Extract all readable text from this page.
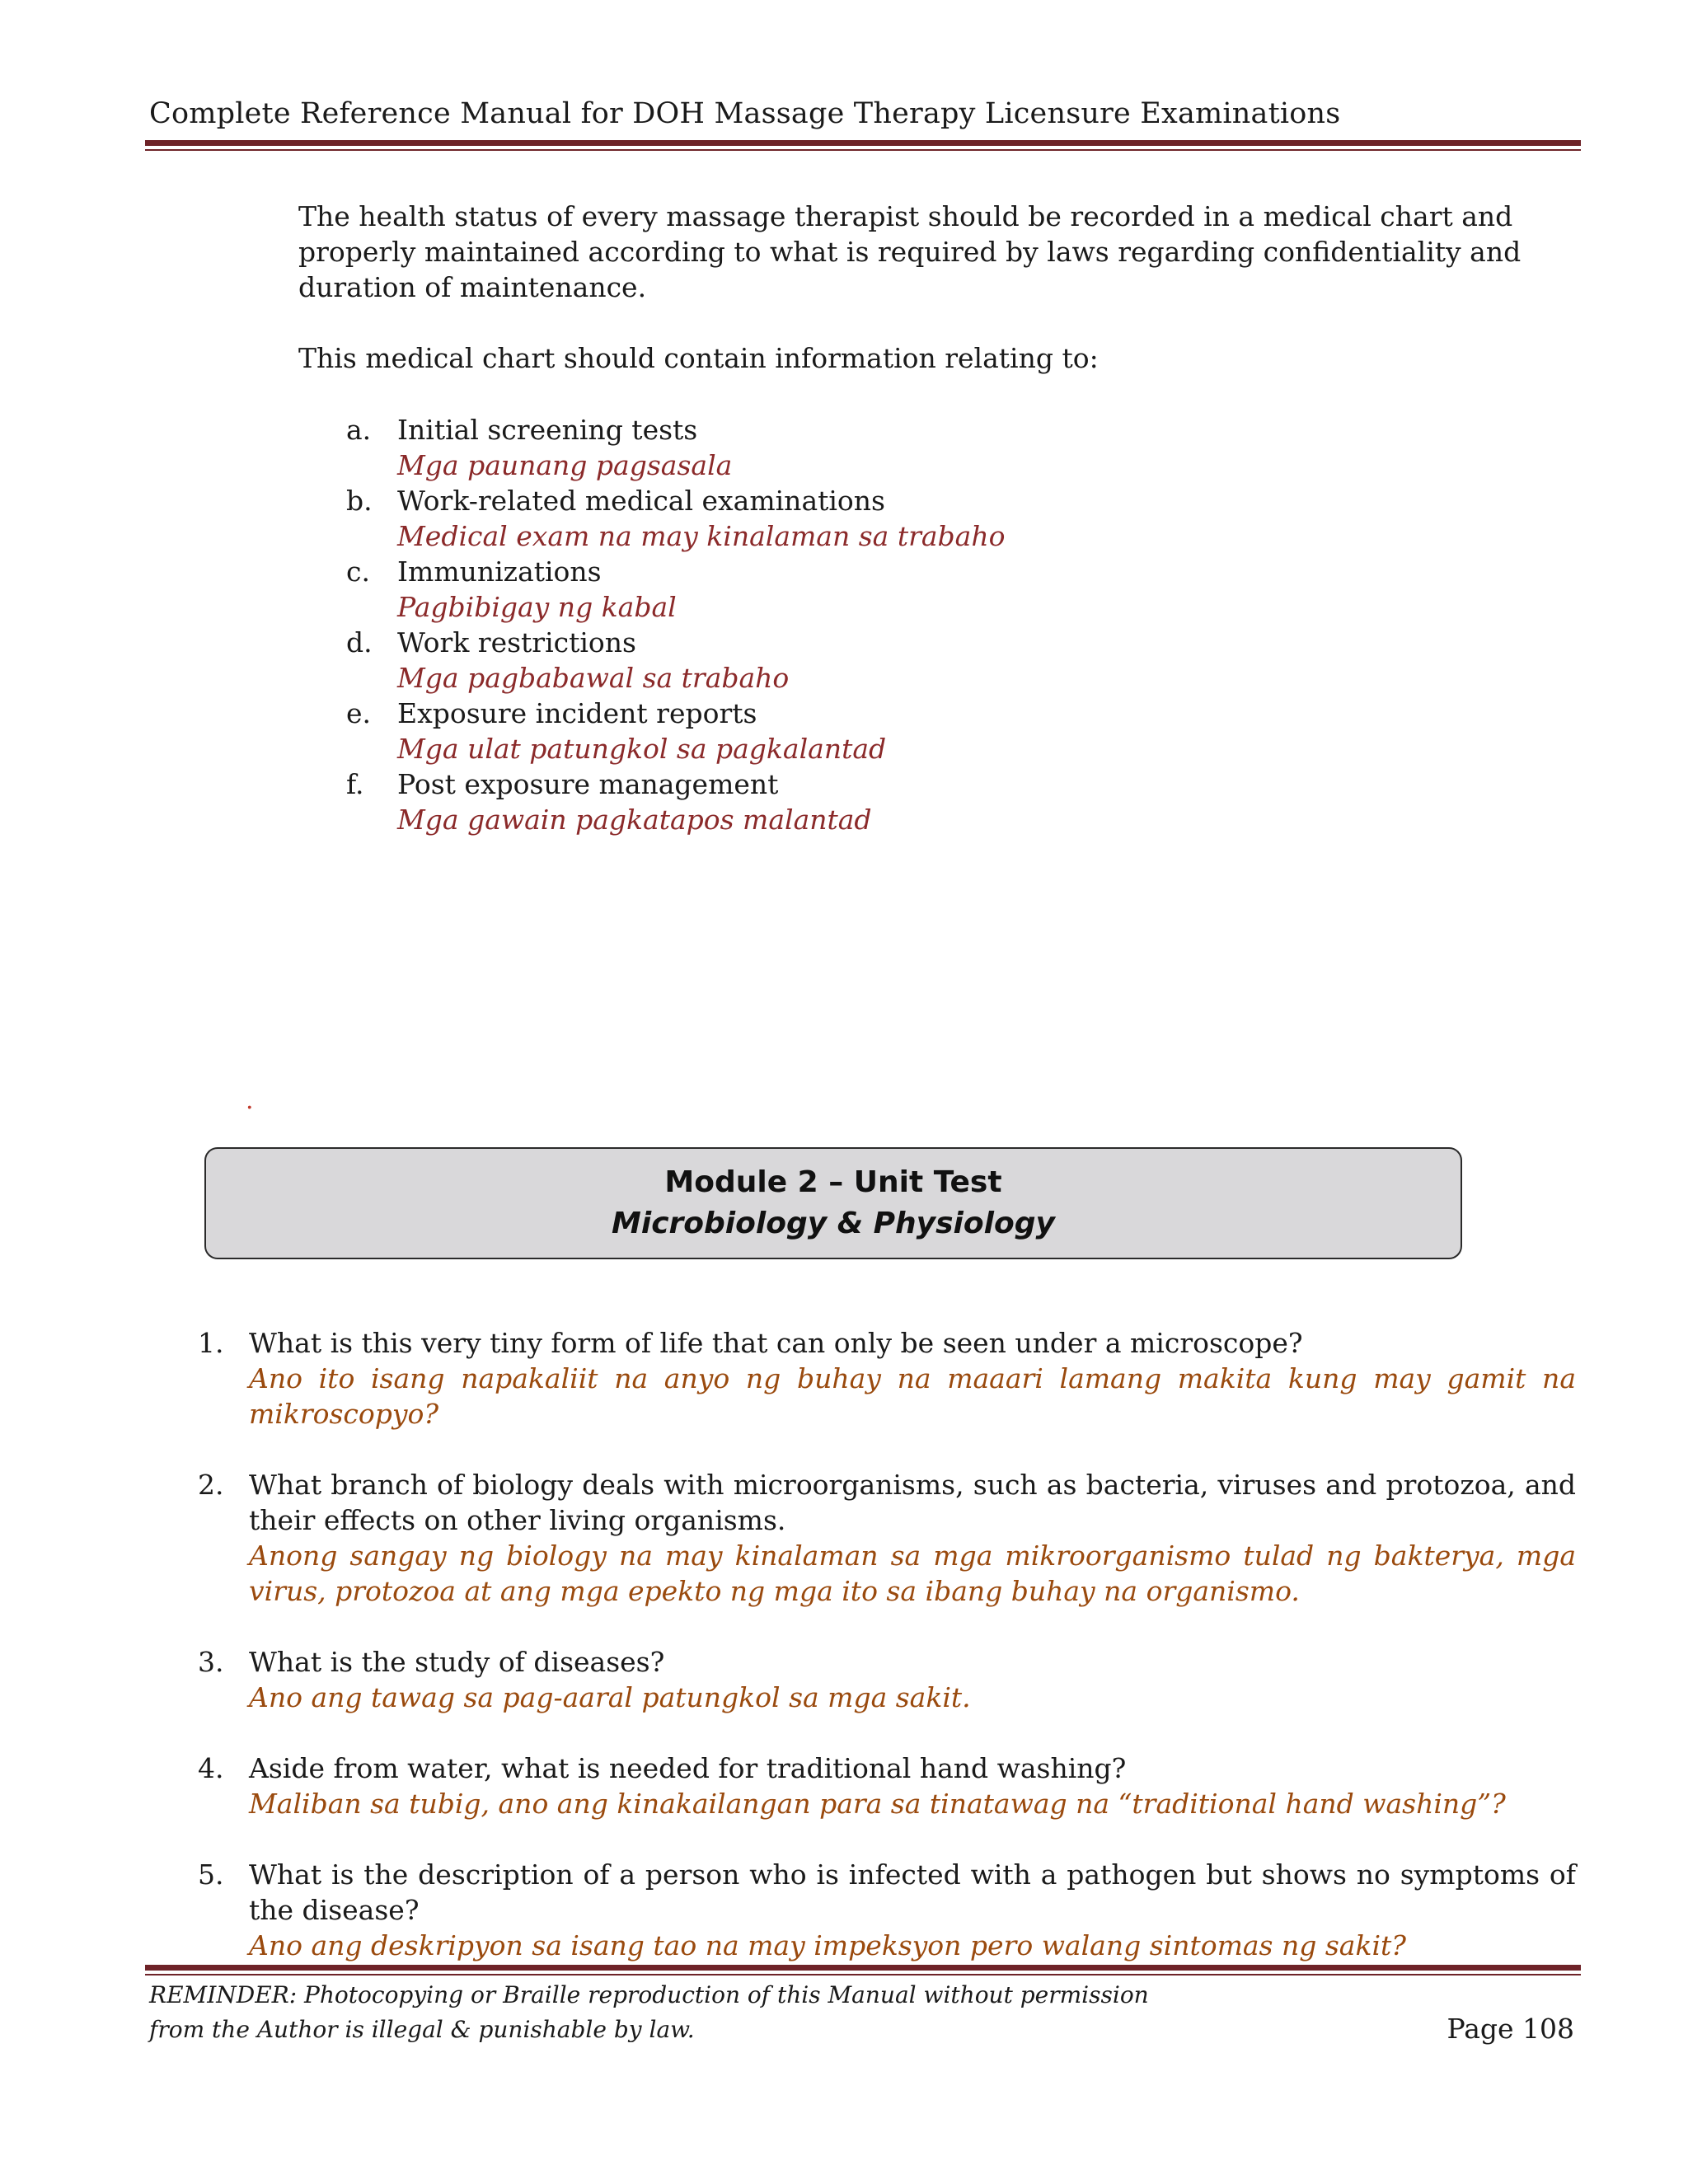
Complete Reference Manual for DOH Massage Therapy Licensure Examinations
The health status of every massage therapist should be recorded in a medical chart and properly maintained according to what is required by laws regarding confidentiality and duration of maintenance.
This medical chart should contain information relating to:
a. Initial screening tests
Mga paunang pagsasala
b. Work-related medical examinations
Medical exam na may kinalaman sa trabaho
c. Immunizations
Pagbibigay ng kabal
d. Work restrictions
Mga pagbabawal sa trabaho
e. Exposure incident reports
Mga ulat patungkol sa pagkalantad
f. Post exposure management
Mga gawain pagkatapos malantad
.
Module 2 – Unit Test
Microbiology & Physiology
1. What is this very tiny form of life that can only be seen under a microscope?
Ano ito isang napakaliit na anyo ng buhay na maaari lamang makita kung may gamit na mikroscopyo?
2. What branch of biology deals with microorganisms, such as bacteria, viruses and protozoa, and their effects on other living organisms.
Anong sangay ng biology na may kinalaman sa mga mikroorganismo tulad ng bakterya, mga virus, protozoa at ang mga epekto ng mga ito sa ibang buhay na organismo.
3. What is the study of diseases?
Ano ang tawag sa pag-aaral patungkol sa mga sakit.
4. Aside from water, what is needed for traditional hand washing?
Maliban sa tubig, ano ang kinakailangan para sa tinatawag na “traditional hand washing”?
5. What is the description of a person who is infected with a pathogen but shows no symptoms of the disease?
Ano ang deskripyon sa isang tao na may impeksyon pero walang sintomas ng sakit?
REMINDER: Photocopying or Braille reproduction of this Manual without permission
from the Author is illegal & punishable by law.	Page 108
